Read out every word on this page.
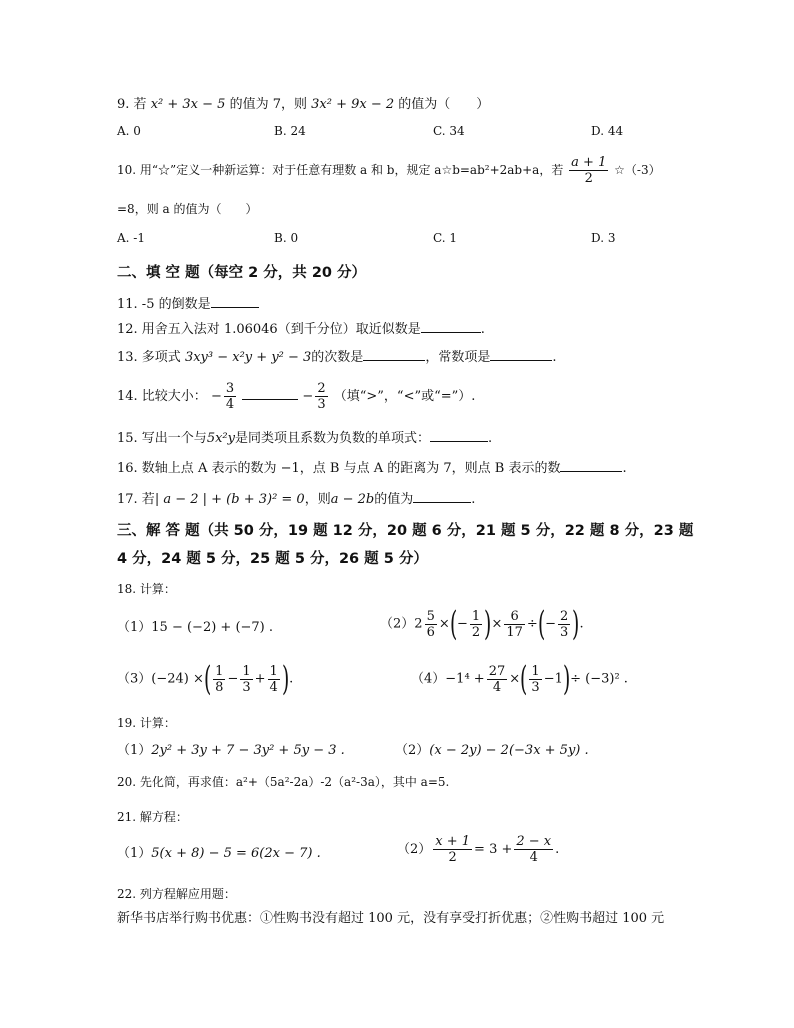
9. 若 x² + 3x − 5 的值为 7，则 3x² + 9x − 2 的值为（　　）
A. 0	B. 24	C. 34	D. 44
10. 用“☆”定义一种新运算：对于任意有理数 a 和 b，规定 a☆b=ab²+2ab+a，若 $\frac{a + 1}{2}$ ☆（-3）
=8，则 a 的值为（　　）
A. -1	B. 0	C. 1	D. 3
二、填 空 题（每空 2 分，共 20 分）
11. -5 的倒数是
12. 用舍五入法对 1.06046（到千分位）取近似数是	.
13. 多项式 3xy³ − x²y + y² − 3的次数是	，常数项是	.
14. 比较大小： − $\frac{3}{4}$	− $\frac{2}{3}$ （填“>”，“<”或“=”）.
15. 写出一个与5x²y是同类项且系数为负数的单项式：	.
16. 数轴上点 A 表示的数为 −1，点 B 与点 A 的距离为 7，则点 B 表示的数	.
17. 若| a − 2 | + (b + 3)² = 0，则a − 2b的值为	.
三、解 答 题（共 50 分，19 题 12 分，20 题 6 分，21 题 5 分，22 题 8 分，23 题
4 分，24 题 5 分，25 题 5 分，26 题 5 分）
18. 计算：
（1）15 − (−2) + (−7) .	$(2)2 \frac{5}{6}$ ×(− $\frac{1}{2}$ )× $\frac{6}{17}$ ÷(− $\frac{2}{3}$ ).
（3）(−24) ×( $\frac{1}{8} - \frac{1}{3} + \frac{1}{4}$ ).	$(4)-1^4 + \frac{27}{4}$ ×( $\frac{1}{3} -1)\div (-3)^2$ .
19. 计算：
（1）2y² + 3y + 7 − 3y² + 5y − 3 .	（2）(x − 2y) − 2(−3x + 5y) .
20. 先化简，再求值：a²+（5a²-2a）-2（a²-3a），其中 a=5.
21. 解方程：
（1）5(x + 8) − 5 = 6(2x − 7) .	$(2) \frac{x + 1}{2} = 3 + \frac{2 - x}{4}$ .
22. 列方程解应用题：
新华书店举行购书优惠：①性购书没有超过 100 元，没有享受打折优惠；②性购书超过 100 元
